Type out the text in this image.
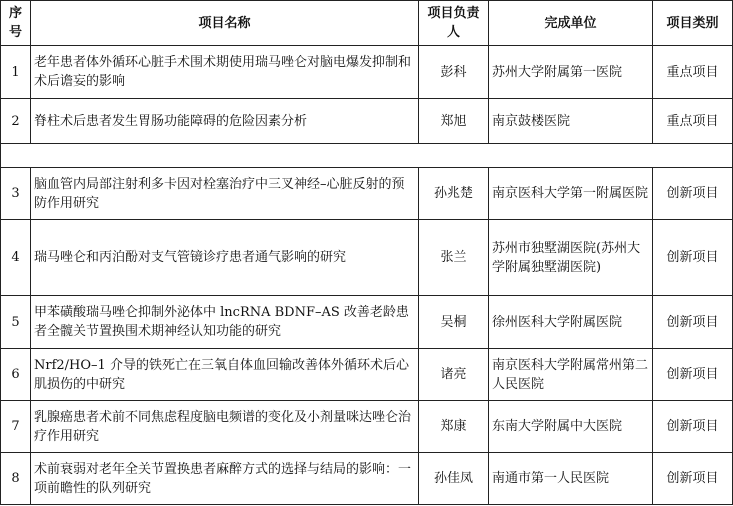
序号	项目名称	项目负责人	完成单位	项目类别
1	老年患者体外循环心脏手术围术期使用瑞马唑仑对脑电爆发抑制和术后谵妄的影响	彭科	苏州大学附属第一医院	重点项目
2	脊柱术后患者发生胃肠功能障碍的危险因素分析	郑旭	南京鼓楼医院	重点项目

3	脑血管内局部注射利多卡因对栓塞治疗中三叉神经–心脏反射的预防作用研究	孙兆楚	南京医科大学第一附属医院	创新项目
4	瑞马唑仑和丙泊酚对支气管镜诊疗患者通气影响的研究	张兰	苏州市独墅湖医院(苏州大学附属独墅湖医院)	创新项目
5	甲苯磺酸瑞马唑仑抑制外泌体中 lncRNA BDNF–AS 改善老龄患者全髋关节置换围术期神经认知功能的研究	吴桐	徐州医科大学附属医院	创新项目
6	Nrf2/HO–1 介导的铁死亡在三氧自体血回输改善体外循环术后心肌损伤的中研究	诸亮	南京医科大学附属常州第二人民医院	创新项目
7	乳腺癌患者术前不同焦虑程度脑电频谱的变化及小剂量咪达唑仑治疗作用研究	郑康	东南大学附属中大医院	创新项目
8	术前衰弱对老年全关节置换患者麻醉方式的选择与结局的影响：一项前瞻性的队列研究	孙佳凤	南通市第一人民医院	创新项目
